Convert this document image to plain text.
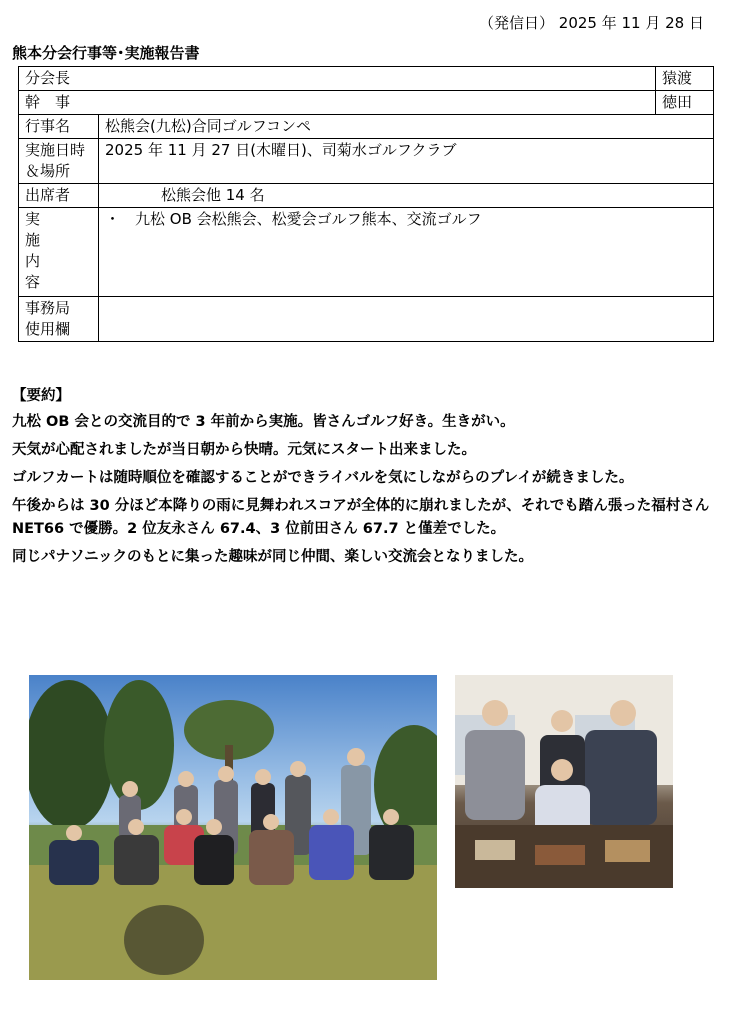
（発信日） 2025 年 11 月 28 日
熊本分会行事等･実施報告書
分会長		猿渡
幹　事		徳田
行事名	松熊会(九松)合同ゴルフコンペ	
実施日時
＆場所	2025 年 11 月 27 日(木曜日)、司菊水ゴルフクラブ	
出席者	松熊会他 14 名	

実
施
内
容	・　九松 OB 会松熊会、松愛会ゴルフ熊本、交流ゴルフ	
事務局
使用欄		
【要約】

九松 OB 会との交流目的で 3 年前から実施。皆さんゴルフ好き。生きがい。

天気が心配されましたが当日朝から快晴。元気にスタート出来ました。

ゴルフカートは随時順位を確認することができライバルを気にしながらのプレイが続きました。

午後からは 30 分ほど本降りの雨に見舞われスコアが全体的に崩れましたが、それでも踏ん張った福村さん NET66 で優勝。2 位友永さん 67.4、3 位前田さん 67.7 と僅差でした。

同じパナソニックのもとに集った趣味が同じ仲間、楽しい交流会となりました。
